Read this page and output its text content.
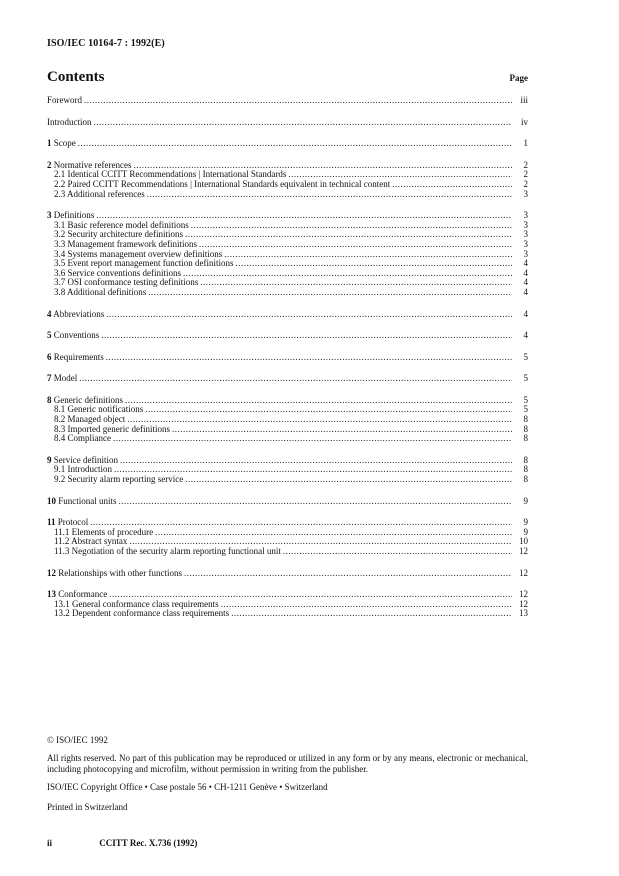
ISO/IEC 10164-7 : 1992(E)
Contents	Page
Foreword .....	iii
Introduction .....	iv
1 Scope .....	1
2 Normative references .....	2
2.1 Identical CCITT Recommendations | International Standards .....	2
2.2 Paired CCITT Recommendations | International Standards equivalent in technical content .....	2
2.3 Additional references .....	3
3 Definitions .....	3
3.1 Basic reference model definitions .....	3
3.2 Security architecture definitions .....	3
3.3 Management framework definitions .....	3
3.4 Systems management overview definitions .....	3
3.5 Event report management function definitions .....	4
3.6 Service conventions definitions .....	4
3.7 OSI conformance testing definitions .....	4
3.8 Additional definitions .....	4
4 Abbreviations .....	4
5 Conventions .....	4
6 Requirements .....	5
7 Model .....	5
8 Generic definitions .....	5
8.1 Generic notifications .....	5
8.2 Managed object .....	8
8.3 Imported generic definitions .....	8
8.4 Compliance .....	8
9 Service definition .....	8
9.1 Introduction .....	8
9.2 Security alarm reporting service .....	8
10 Functional units .....	9
11 Protocol .....	9
11.1 Elements of procedure .....	9
11.2 Abstract syntax .....	10
11.3 Negotiation of the security alarm reporting functional unit .....	12
12 Relationships with other functions .....	12
13 Conformance .....	12
13.1 General conformance class requirements .....	12
13.2 Dependent conformance class requirements .....	13

© ISO/IEC 1992

All rights reserved. No part of this publication may be reproduced or utilized in any form or by any means, electronic or mechanical, including photocopying and microfilm, without permission in writing from the publisher.

ISO/IEC Copyright Office • Case postale 56 • CH-1211 Genève • Switzerland

Printed in Switzerland

ii	CCITT Rec. X.736 (1992)
